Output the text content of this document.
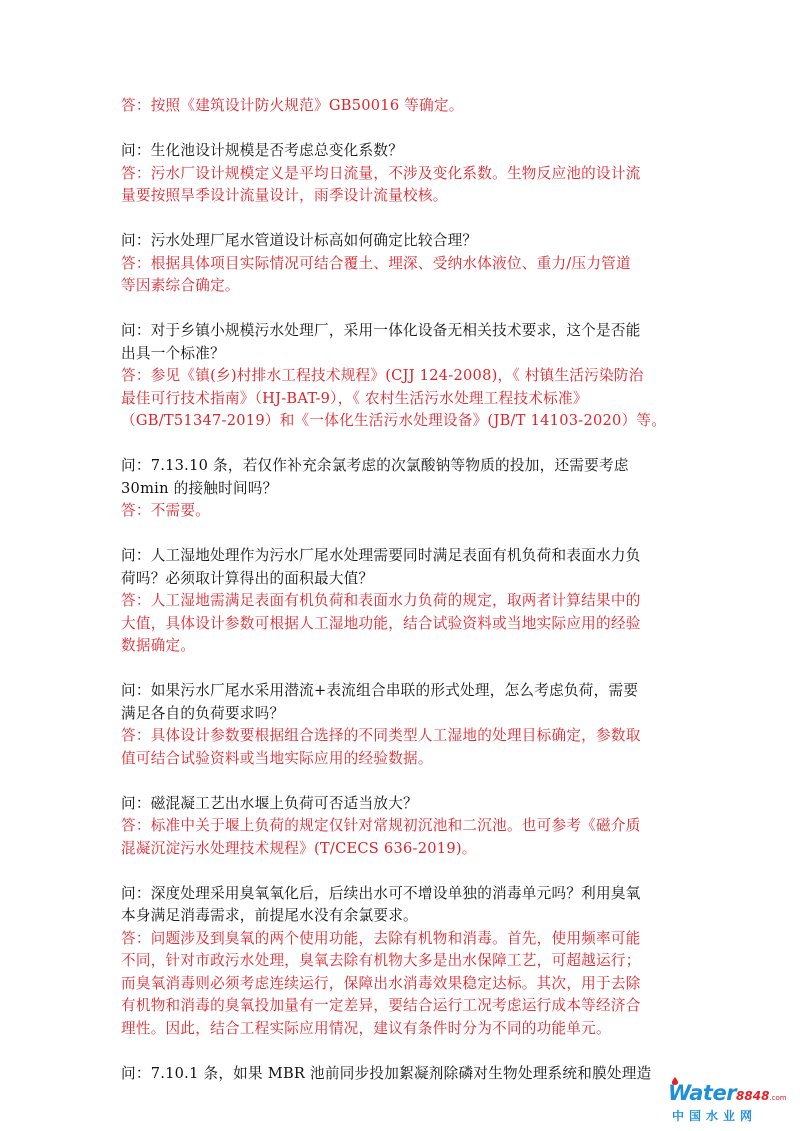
答：按照《建筑设计防火规范》GB50016 等确定。
问：生化池设计规模是否考虑总变化系数？
答：污水厂设计规模定义是平均日流量，不涉及变化系数。生物反应池的设计流
量要按照旱季设计流量设计，雨季设计流量校核。
问：污水处理厂尾水管道设计标高如何确定比较合理？
答：根据具体项目实际情况可结合覆土、埋深、受纳水体液位、重力/压力管道
等因素综合确定。
问：对于乡镇小规模污水处理厂，采用一体化设备无相关技术要求，这个是否能
出具一个标准？
答：参见《镇(乡)村排水工程技术规程》(CJJ 124-2008)，《 村镇生活污染防治
最佳可行技术指南》（HJ-BAT-9），《 农村生活污水处理工程技术标准》
（GB/T51347-2019）和《一体化生活污水处理设备》(JB/T 14103-2020）等。
问：7.13.10 条，若仅作补充余氯考虑的次氯酸钠等物质的投加，还需要考虑
30min 的接触时间吗？
答：不需要。
问：人工湿地处理作为污水厂尾水处理需要同时满足表面有机负荷和表面水力负
荷吗？必须取计算得出的面积最大值？
答：人工湿地需满足表面有机负荷和表面水力负荷的规定，取两者计算结果中的
大值，具体设计参数可根据人工湿地功能，结合试验资料或当地实际应用的经验
数据确定。
问：如果污水厂尾水采用潜流+表流组合串联的形式处理，怎么考虑负荷，需要
满足各自的负荷要求吗？
答：具体设计参数要根据组合选择的不同类型人工湿地的处理目标确定，参数取
值可结合试验资料或当地实际应用的经验数据。
问：磁混凝工艺出水堰上负荷可否适当放大？
答：标准中关于堰上负荷的规定仅针对常规初沉池和二沉池。也可参考《磁介质
混凝沉淀污水处理技术规程》(T/CECS 636-2019)。
问：深度处理采用臭氧氧化后，后续出水可不增设单独的消毒单元吗？利用臭氧
本身满足消毒需求，前提尾水没有余氯要求。
答：问题涉及到臭氧的两个使用功能，去除有机物和消毒。首先，使用频率可能
不同，针对市政污水处理，臭氧去除有机物大多是出水保障工艺，可超越运行；
而臭氧消毒则必须考虑连续运行，保障出水消毒效果稳定达标。其次，用于去除
有机物和消毒的臭氧投加量有一定差异，要结合运行工况考虑运行成本等经济合
理性。因此，结合工程实际应用情况，建议有条件时分为不同的功能单元。
问：7.10.1 条，如果 MBR 池前同步投加絮凝剂除磷对生物处理系统和膜处理造
Water8848.com
中国水业网
